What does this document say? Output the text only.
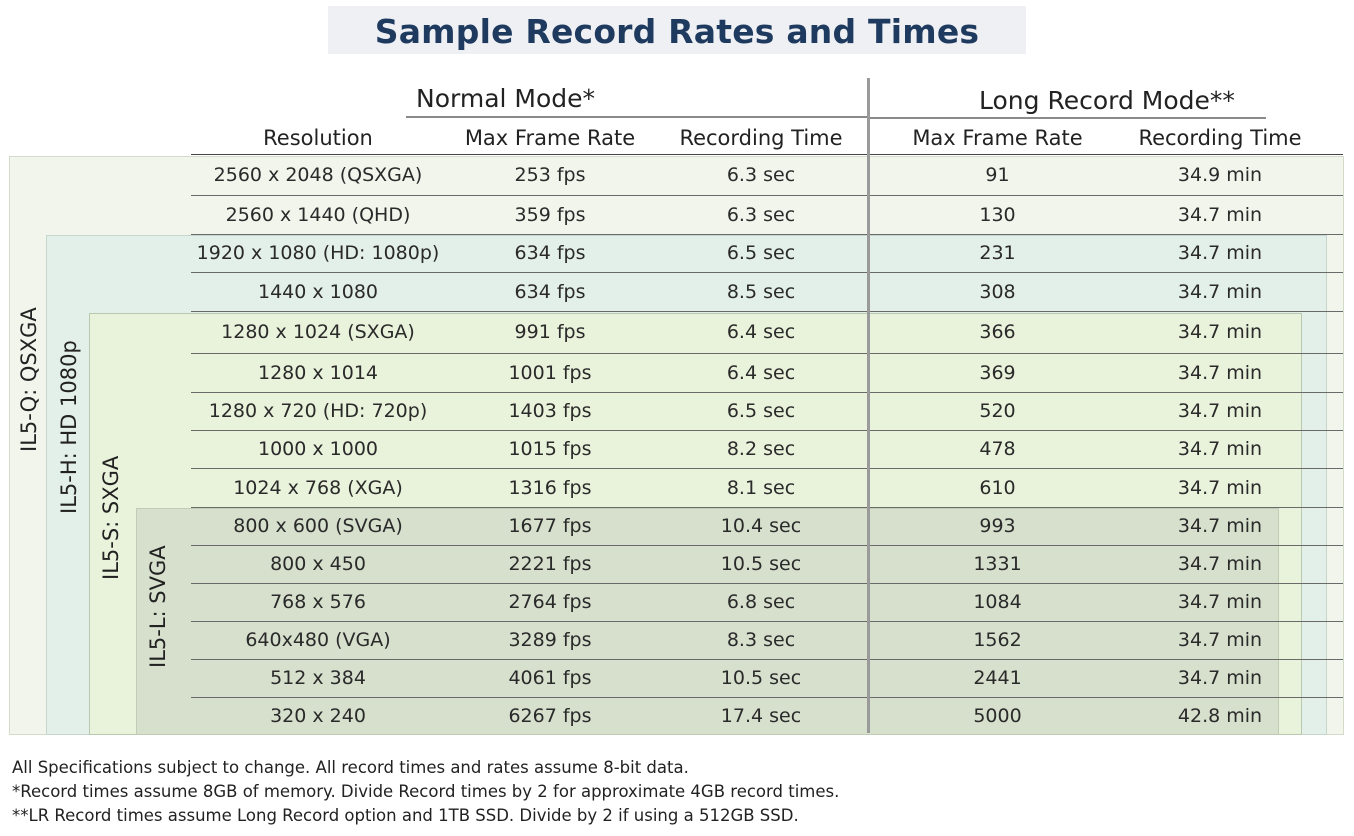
Sample Record Rates and Times
Normal Mode*	Long Record Mode**
Resolution	Max Frame Rate	Recording Time	Max Frame Rate	Recording Time
IL5-Q: QSXGA IL5-H: HD 1080p
IL5-S: SXGA
IL5-L: SVGA
2560 x 2048 (QSXGA)	253 fps	6.3 sec	91	34.9 min
2560 x 1440 (QHD)	359 fps	6.3 sec	130	34.7 min
1920 x 1080 (HD: 1080p)	634 fps	6.5 sec	231	34.7 min
1440 x 1080	634 fps	8.5 sec	308	34.7 min
1280 x 1024 (SXGA)	991 fps	6.4 sec	366	34.7 min
1280 x 1014	1001 fps	6.4 sec	369	34.7 min
1280 x 720 (HD: 720p)	1403 fps	6.5 sec	520	34.7 min
1000 x 1000	1015 fps	8.2 sec	478	34.7 min
1024 x 768 (XGA)	1316 fps	8.1 sec	610	34.7 min
800 x 600 (SVGA)	1677 fps	10.4 sec	993	34.7 min
800 x 450	2221 fps	10.5 sec	1331	34.7 min
768 x 576	2764 fps	6.8 sec	1084	34.7 min
640x480 (VGA)	3289 fps	8.3 sec	1562	34.7 min
512 x 384	4061 fps	10.5 sec	2441	34.7 min
320 x 240	6267 fps	17.4 sec	5000	42.8 min
All Specifications subject to change. All record times and rates assume 8-bit data.
*Record times assume 8GB of memory. Divide Record times by 2 for approximate 4GB record times.
**LR Record times assume Long Record option and 1TB SSD. Divide by 2 if using a 512GB SSD.
